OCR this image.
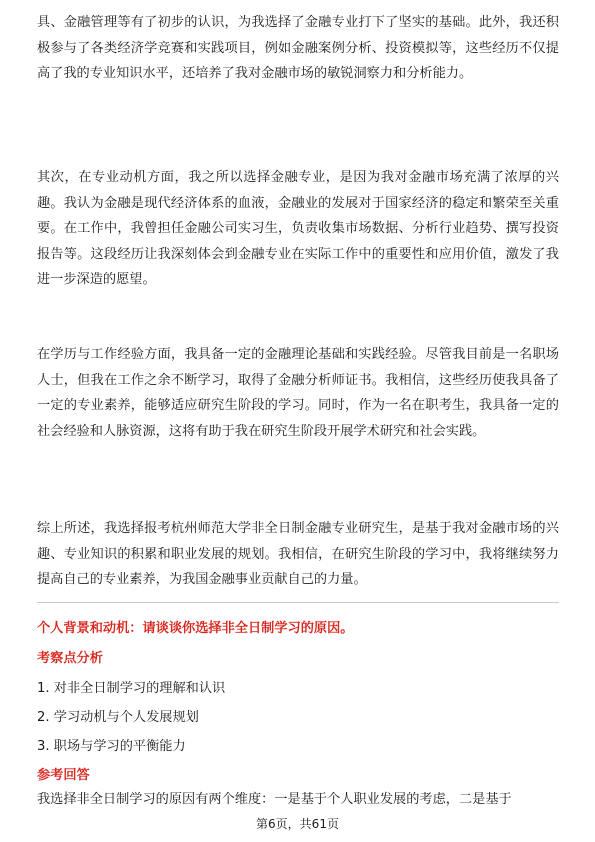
具、金融管理等有了初步的认识，为我选择了金融专业打下了坚实的基础。此外，我还积极参与了各类经济学竞赛和实践项目，例如金融案例分析、投资模拟等，这些经历不仅提高了我的专业知识水平，还培养了我对金融市场的敏锐洞察力和分析能力。

其次，在专业动机方面，我之所以选择金融专业，是因为我对金融市场充满了浓厚的兴趣。我认为金融是现代经济体系的血液，金融业的发展对于国家经济的稳定和繁荣至关重要。在工作中，我曾担任金融公司实习生，负责收集市场数据、分析行业趋势、撰写投资报告等。这段经历让我深刻体会到金融专业在实际工作中的重要性和应用价值，激发了我进一步深造的愿望。

在学历与工作经验方面，我具备一定的金融理论基础和实践经验。尽管我目前是一名职场人士，但我在工作之余不断学习，取得了金融分析师证书。我相信，这些经历使我具备了一定的专业素养，能够适应研究生阶段的学习。同时，作为一名在职考生，我具备一定的社会经验和人脉资源，这将有助于我在研究生阶段开展学术研究和社会实践。

综上所述，我选择报考杭州师范大学非全日制金融专业研究生，是基于我对金融市场的兴趣、专业知识的积累和职业发展的规划。我相信，在研究生阶段的学习中，我将继续努力提高自己的专业素养，为我国金融事业贡献自己的力量。

个人背景和动机：请谈谈你选择非全日制学习的原因。
考察点分析
1. 对非全日制学习的理解和认识
2. 学习动机与个人发展规划
3. 职场与学习的平衡能力
参考回答
我选择非全日制学习的原因有两个维度：一是基于个人职业发展的考虑，二是基于
第6页，共61页
